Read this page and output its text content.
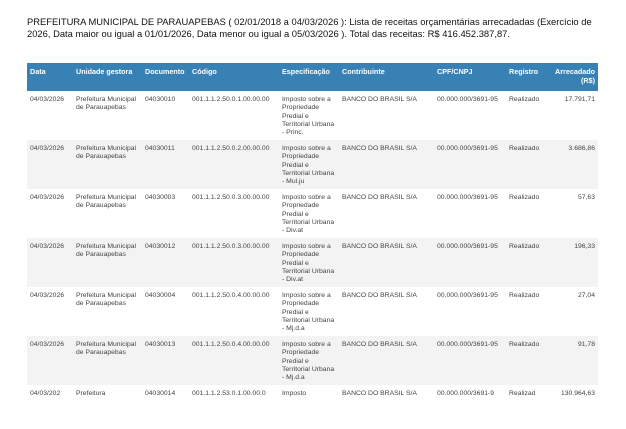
PREFEITURA MUNICIPAL DE PARAUAPEBAS ( 02/01/2018 a 04/03/2026 ): Lista de receitas orçamentárias arrecadadas (Exercício de 2026, Data maior ou igual a 01/01/2026, Data menor ou igual a 05/03/2026 ). Total das receitas: R$ 416.452.387,87.
Data	Unidade gestora	Documento	Código	Especificação	Contribuinte	CPF/CNPJ	Registro	Arrecadado (R$)
04/03/2026	Prefeitura Municipal de Parauapebas	04030010	001.1.1.2.50.0.1.00.00.00	Imposto sobre a Propriedade Predial e Territorial Urbana - Princ.	BANCO DO BRASIL S/A	00.000.000/3691-95	Realizado	17.791,71
04/03/2026	Prefeitura Municipal de Parauapebas	04030011	001.1.1.2.50.0.2.00.00.00	Imposto sobre a Propriedade Predial e Territorial Urbana - Mul.ju	BANCO DO BRASIL S/A	00.000.000/3691-95	Realizado	3.686,86
04/03/2026	Prefeitura Municipal de Parauapebas	04030003	001.1.1.2.50.0.3.00.00.00	Imposto sobre a Propriedade Predial e Territorial Urbana - Div.at	BANCO DO BRASIL S/A	00.000.000/3691-95	Realizado	57,63
04/03/2026	Prefeitura Municipal de Parauapebas	04030012	001.1.1.2.50.0.3.00.00.00	Imposto sobre a Propriedade Predial e Territorial Urbana - Div.at	BANCO DO BRASIL S/A	00.000.000/3691-95	Realizado	196,33
04/03/2026	Prefeitura Municipal de Parauapebas	04030004	001.1.1.2.50.0.4.00.00.00	Imposto sobre a Propriedade Predial e Territorial Urbana - Mj.d.a	BANCO DO BRASIL S/A	00.000.000/3691-95	Realizado	27,04
04/03/2026	Prefeitura Municipal de Parauapebas	04030013	001.1.1.2.50.0.4.00.00.00	Imposto sobre a Propriedade Predial e Territorial Urbana - Mj.d.a	BANCO DO BRASIL S/A	00.000.000/3691-95	Realizado	91,78
04/03/202	Prefeitura	04030014	001.1.1.2.53.0.1.00.00.0	Imposto	BANCO DO BRASIL S/A	00.000.000/3691-9	Realizad	130.964,63
